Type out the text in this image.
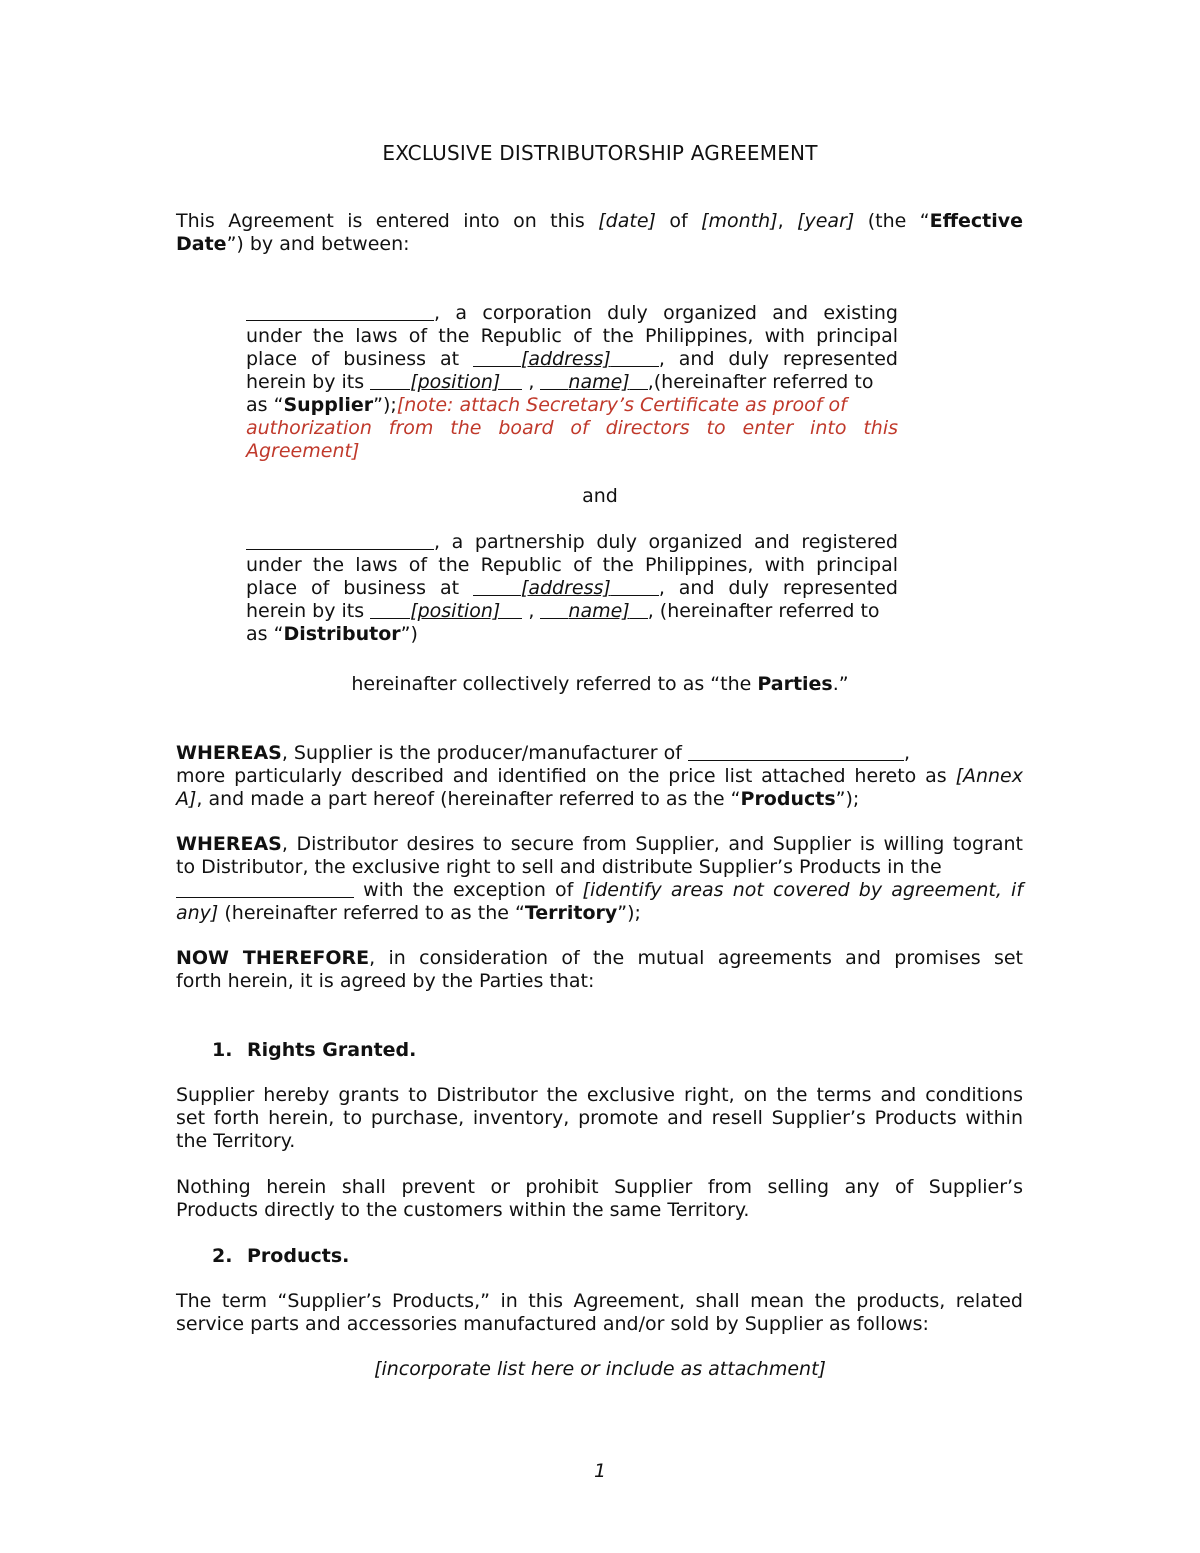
EXCLUSIVE DISTRIBUTORSHIP AGREEMENT
This Agreement is entered into on this [date] of [month], [year] (the “Effective
Date”) by and between:
, a corporation duly organized and existing
under the laws of the Republic of the Philippines, with principal
place of business at	[address]	, and duly represented
herein by its [position] , name] ,(hereinafter referred to
as “Supplier”);[note: attach Secretary’s Certificate as proof of
authorization from the board of directors to enter into this
Agreement]
and
, a partnership duly organized and registered
under the laws of the Republic of the Philippines, with principal
place of business at	[address]	, and duly represented
herein by its [position] , name] , (hereinafter referred to
as “Distributor”)
hereinafter collectively referred to as “the Parties.”
WHEREAS, Supplier is the producer/manufacturer of	,
more particularly described and identified on the price list attached hereto as [Annex
A], and made a part hereof (hereinafter referred to as the “Products”);
WHEREAS, Distributor desires to secure from Supplier, and Supplier is willing togrant
to Distributor, the exclusive right to sell and distribute Supplier’s Products in the
with the exception of [identify areas not covered by agreement, if
any] (hereinafter referred to as the “Territory”);
NOW THEREFORE, in consideration of the mutual agreements and promises set
forth herein, it is agreed by the Parties that:
1. Rights Granted.
Supplier hereby grants to Distributor the exclusive right, on the terms and conditions
set forth herein, to purchase, inventory, promote and resell Supplier’s Products within
the Territory.
Nothing herein shall prevent or prohibit Supplier from selling any of Supplier’s
Products directly to the customers within the same Territory.
2. Products.
The term “Supplier’s Products,” in this Agreement, shall mean the products, related
service parts and accessories manufactured and/or sold by Supplier as follows:
[incorporate list here or include as attachment]
1
